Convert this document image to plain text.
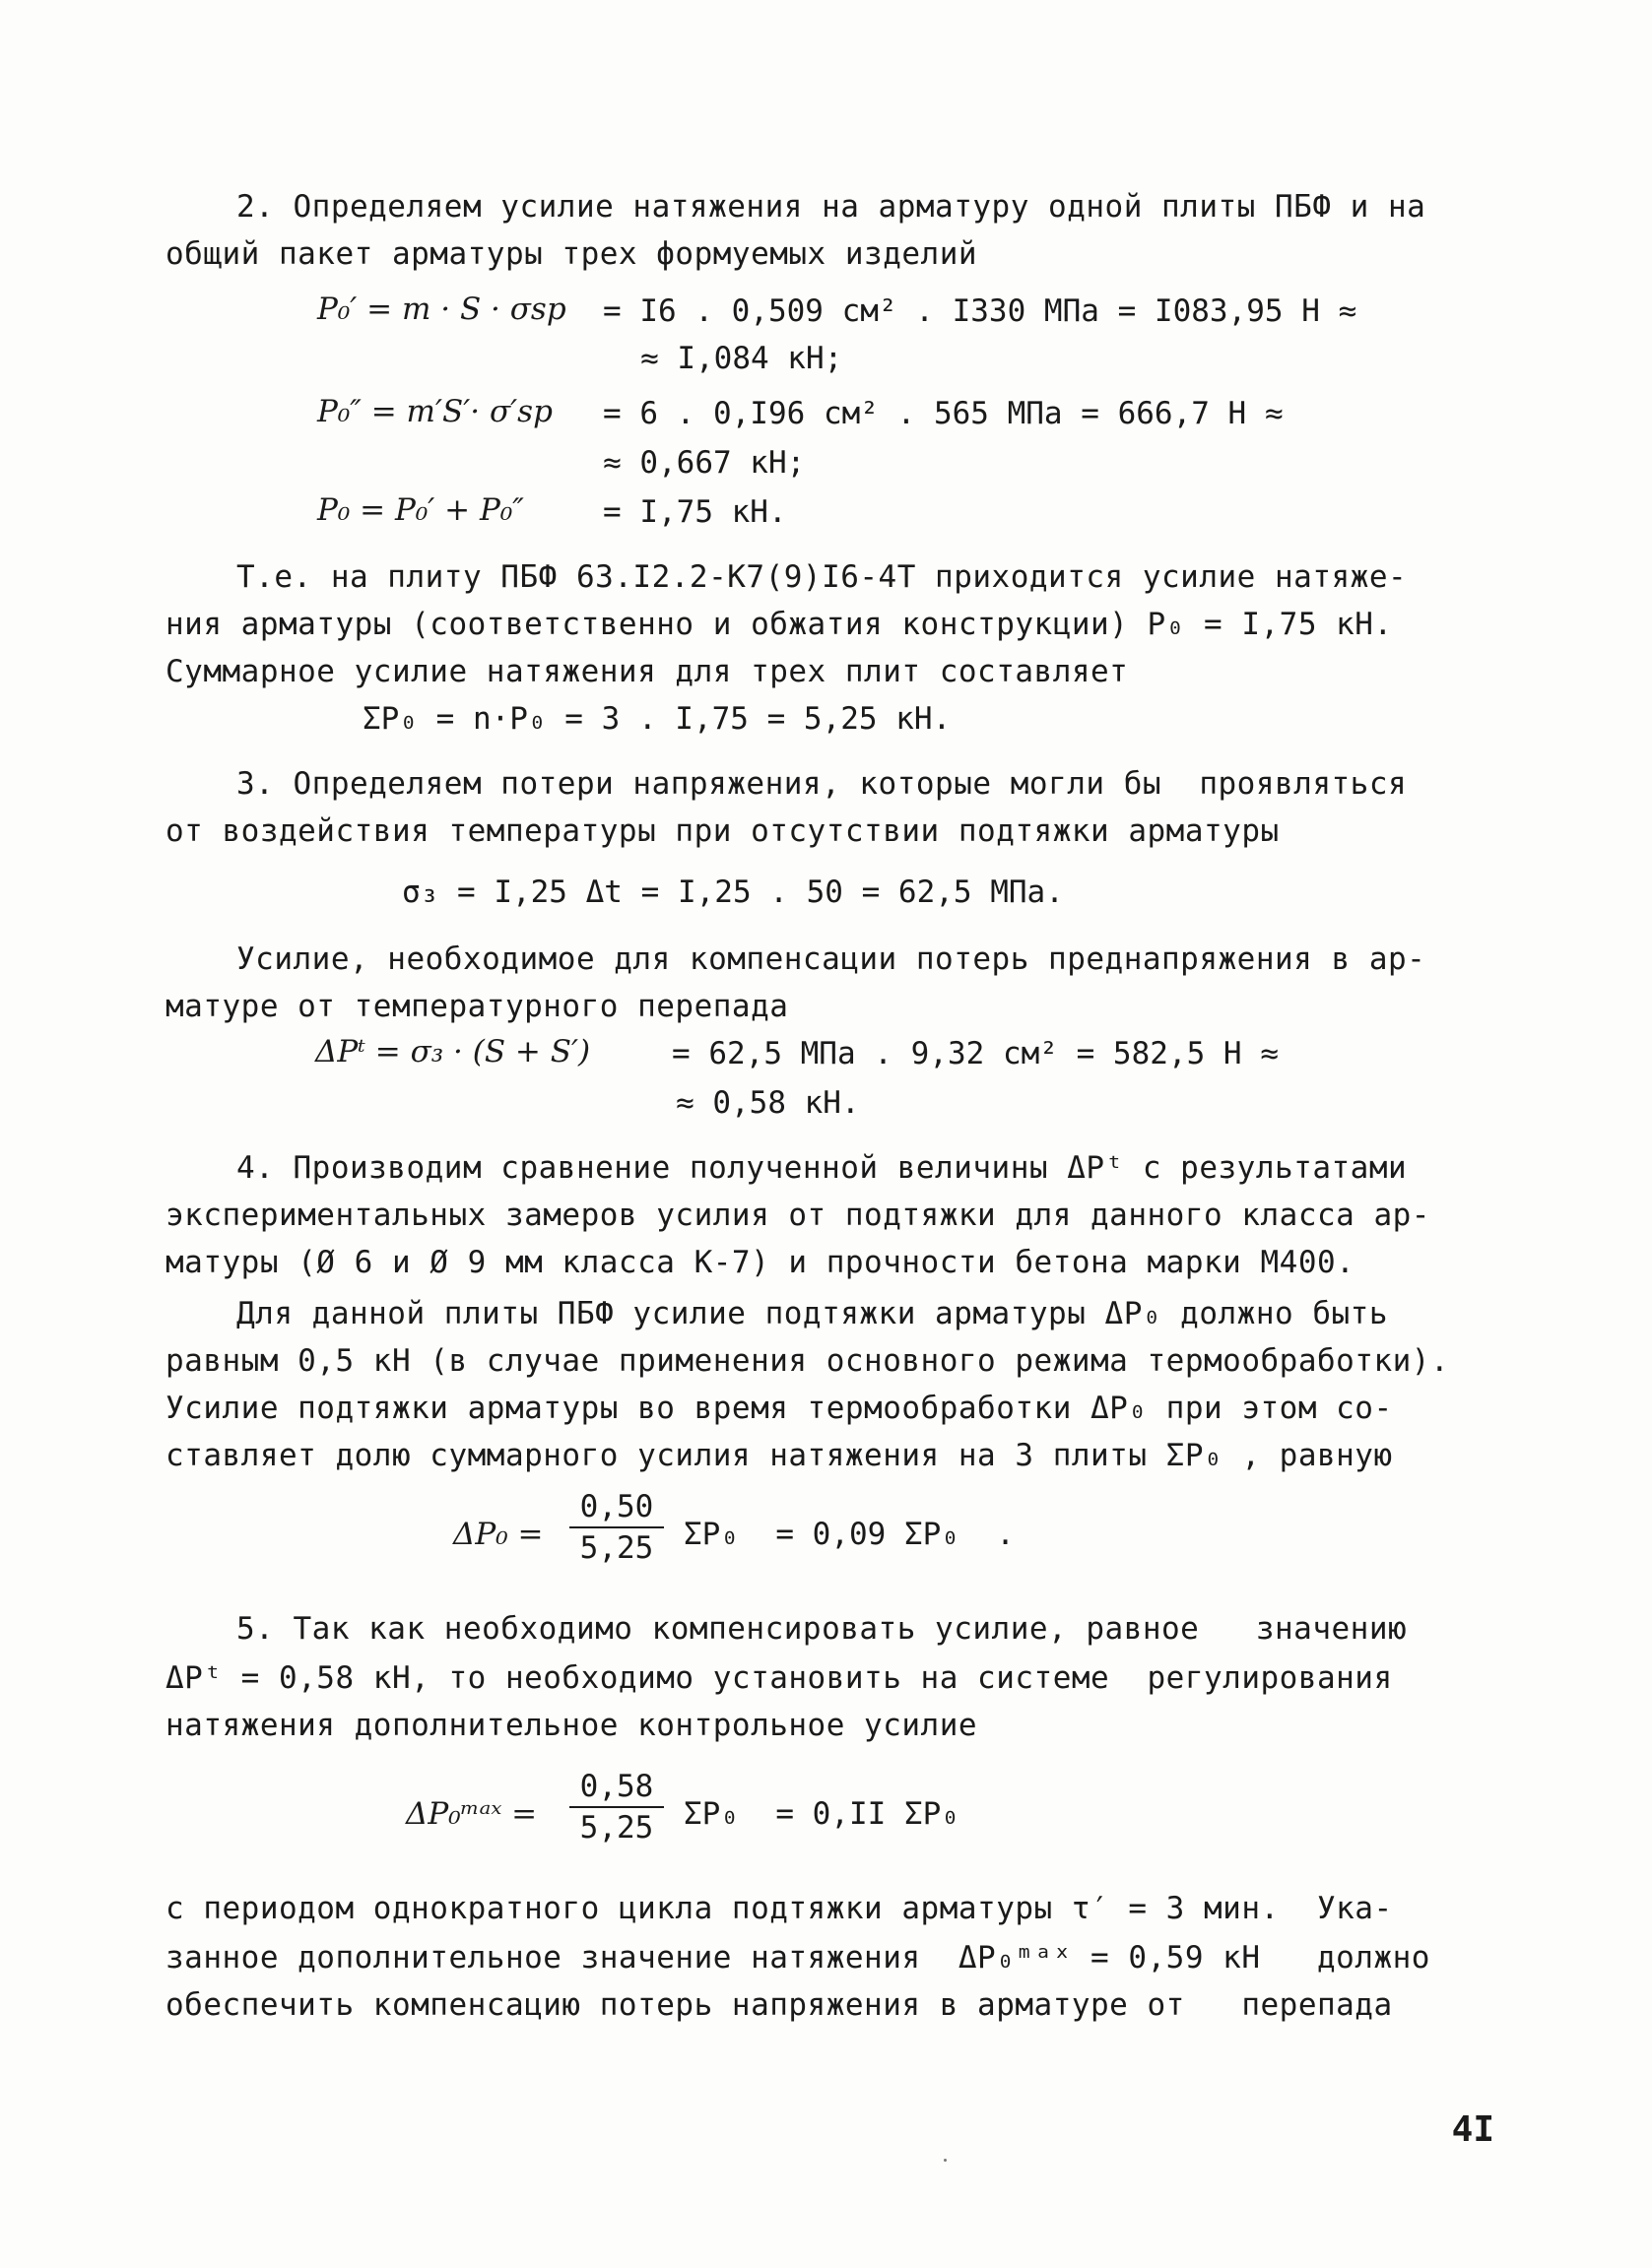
2. Определяем усилие натяжения на арматуру одной плиты ПБФ и на
общий пакет арматуры трех формуемых изделий
P₀′ = m · S · σsp = I6 . 0,509 см² . I330 МПа = I083,95 Н ≈
≈ I,084 кН;
P₀″ = m′S′· σ′sp = 6 . 0,I96 см² . 565 МПа = 666,7 Н ≈
≈ 0,667 кН;
P₀ = P₀′ + P₀″	= I,75 кН.
Т.е. на плиту ПБФ 63.I2.2-К7(9)I6-4Т приходится усилие натяже-
ния арматуры (соответственно и обжатия конструкции) P₀ = I,75 кН.
Суммарное усилие натяжения для трех плит составляет
ΣP₀ = n·P₀ = 3 . I,75 = 5,25 кН.
3. Определяем потери напряжения, которые могли бы  проявляться
от воздействия температуры при отсутствии подтяжки арматуры
σ₃ = I,25 Δt = I,25 . 50 = 62,5 МПа.
Усилие, необходимое для компенсации потерь преднапряжения в ар-
матуре от температурного перепада
ΔPᵗ = σ₃ · (S + S′)	= 62,5 МПа . 9,32 см² = 582,5 Н ≈
≈ 0,58 кН.
4. Производим сравнение полученной величины ΔPᵗ с результатами
экспериментальных замеров усилия от подтяжки для данного класса ар-
матуры (Ø 6 и Ø 9 мм класса К-7) и прочности бетона марки М400.
Для данной плиты ПБФ усилие подтяжки арматуры ΔP₀ должно быть
равным 0,5 кН (в случае применения основного режима термообработки).
Усилие подтяжки арматуры во время термообработки ΔP₀ при этом со-
ставляет долю суммарного усилия натяжения на 3 плиты ΣP₀ , равную
$\Delta P_0 = \frac{0,50}{5,25} \Sigma P_0 = 0,09$ ΣP₀  .
5. Так как необходимо компенсировать усилие, равное   значению
ΔPᵗ = 0,58 кН, то необходимо установить на системе  регулирования
натяжения дополнительное контрольное усилие
ΔP₀ᵐᵃˣ = $\frac{0,58}{5,25} \Sigma P_0 = 0,II$ ΣP₀
с периодом однократного цикла подтяжки арматуры τ′ = 3 мин.  Ука-
занное дополнительное значение натяжения  ΔP₀ᵐᵃˣ = 0,59 кН   должно
обеспечить компенсацию потерь напряжения в арматуре от   перепада
4I
